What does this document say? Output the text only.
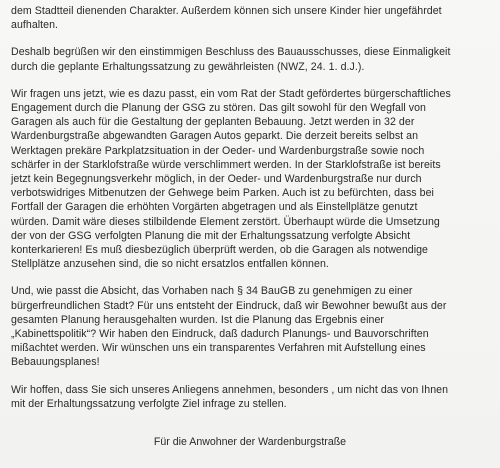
dem Stadtteil dienenden Charakter. Außerdem können sich unsere Kinder hier ungefährdet
aufhalten.
Deshalb begrüßen wir den einstimmigen Beschluss des Bauausschusses, diese Einmaligkeit
durch die geplante Erhaltungssatzung zu gewährleisten (NWZ, 24. 1. d.J.).
Wir fragen uns jetzt, wie es dazu passt, ein vom Rat der Stadt gefördertes bürgerschaftliches
Engagement durch die Planung der GSG zu stören. Das gilt sowohl für den Wegfall von
Garagen als auch für die Gestaltung der geplanten Bebauung. Jetzt werden in 32 der
Wardenburgstraße abgewandten Garagen Autos geparkt. Die derzeit bereits selbst an
Werktagen prekäre Parkplatzsituation in der Oeder- und Wardenburgstraße sowie noch
schärfer in der Starklofstraße würde verschlimmert werden. In der Starklofstraße ist bereits
jetzt kein Begegnungsverkehr möglich, in der Oeder- und Wardenburgstraße nur durch
verbotswidriges Mitbenutzen der Gehwege beim Parken. Auch ist zu befürchten, dass bei
Fortfall der Garagen die erhöhten Vorgärten abgetragen und als Einstellplätze genutzt
würden. Damit wäre dieses stilbildende Element zerstört. Überhaupt würde die Umsetzung
der von der GSG verfolgten Planung die mit der Erhaltungssatzung verfolgte Absicht
konterkarieren! Es muß diesbezüglich überprüft werden, ob die Garagen als notwendige
Stellplätze anzusehen sind, die so nicht ersatzlos entfallen können.
Und, wie passt die Absicht, das Vorhaben nach § 34 BauGB zu genehmigen zu einer
bürgerfreundlichen Stadt? Für uns entsteht der Eindruck, daß wir Bewohner bewußt aus der
gesamten Planung herausgehalten wurden. Ist die Planung das Ergebnis einer
„Kabinettspolitik“? Wir haben den Eindruck, daß dadurch Planungs- und Bauvorschriften
mißachtet werden. Wir wünschen uns ein transparentes Verfahren mit Aufstellung eines
Bebauungsplanes!
Wir hoffen, dass Sie sich unseres Anliegens annehmen, besonders , um nicht das von Ihnen
mit der Erhaltungssatzung verfolgte Ziel infrage zu stellen.
Für die Anwohner der Wardenburgstraße
